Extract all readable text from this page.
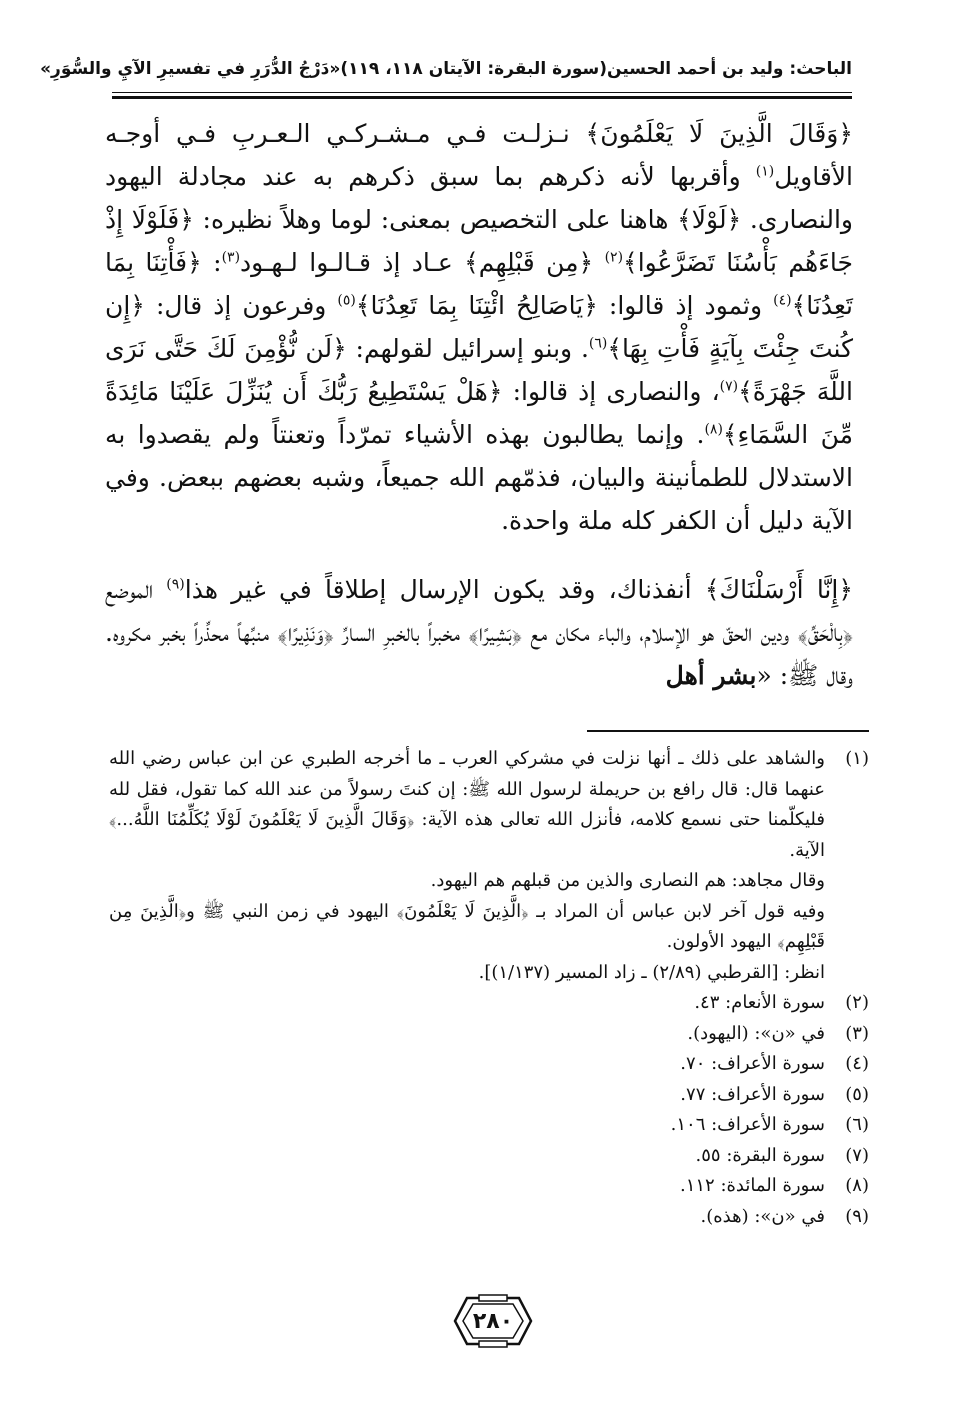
الباحث: وليد بن أحمد الحسين
(سورة البقرة: الآيتان ١١٨، ١١٩)
«دَرْجُ الدُّرَرِ في تفسيرِ الآيِ والسُّوَرِ»

﴿وَقَالَ الَّذِينَ لَا يَعْلَمُونَ﴾ نـزلـت فـي مـشـركـي الـعـربِ فـي أوجـه الأقاويل$^{(١)}$ وأقربها لأنه ذكرهم بما سبق ذكرهم به عند مجادلة اليهود والنصارى. ﴿لَوْلَا﴾ هاهنا على التخصيص بمعنى: لوما وهلاً نظيره: ﴿فَلَوْلَا إِذْ جَاءَهُم بَأْسُنَا تَضَرَّعُوا﴾$^{(٢)}$ ﴿مِن قَبْلِهِم﴾ عـاد إذ قـالـوا لـهـود$^{(٣)}$: ﴿فَأْتِنَا بِمَا تَعِدُنَا﴾$^{(٤)}$ وثمود إذ قالوا: ﴿يَاصَالِحُ ائْتِنَا بِمَا تَعِدُنَا﴾$^{(٥)}$ وفرعون إذ قال: ﴿إِن كُنتَ جِئْتَ بِآيَةٍ فَأْتِ بِهَا﴾$^{(٦)}$. وبنو إسرائيل لقولهم: ﴿لَن نُّؤْمِنَ لَكَ حَتَّى نَرَى اللَّهَ جَهْرَةً﴾$^{(٧)}$، والنصارى إذ قالوا: ﴿هَلْ يَسْتَطِيعُ رَبُّكَ أَن يُنَزِّلَ عَلَيْنَا مَائِدَةً مِّنَ السَّمَاءِ﴾$^{(٨)}$. وإنما يطالبون بهذه الأشياء تمرّداً وتعنتاً ولم يقصدوا به الاستدلال للطمأنينة والبيان، فذمّهم الله جميعاً، وشبه بعضهم ببعض. وفي الآية دليل أن الكفر كله ملة واحدة.

﴿إِنَّا أَرْسَلْنَاكَ﴾ أنفذناك، وقد يكون الإرسال إطلاقاً في غير هذا$^{(٩)}$ الموضع ﴿بِالْحَقِّ﴾ ودين الحقّ هو الإسلام، والباء مكان مع ﴿بَشِيرًا﴾ مخبراً بالخبرِ السارِّ ﴿وَنَذِيرًا﴾ منبِّهاً محذِّراً بخبر مكروه. وقال ﷺ: «بشر أهل

(١)
والشاهد على ذلك ـ أنها نزلت في مشركي العرب ـ ما أخرجه الطبري عن ابن عباس رضي الله عنهما قال: قال رافع بن حريملة لرسول الله ﷺ: إن كنتَ رسولاً من عند الله كما تقول، فقل لله فليكلّمنا حتى نسمع كلامه، فأنزل الله تعالى هذه الآية: ﴿وَقَالَ الَّذِينَ لَا يَعْلَمُونَ لَوْلَا يُكَلِّمُنَا اللَّهُ...﴾ الآية.
وقال مجاهد: هم النصارى والذين من قبلهم هم اليهود.
وفيه قول آخر لابن عباس أن المراد بـ ﴿الَّذِينَ لَا يَعْلَمُونَ﴾ اليهود في زمن النبي ﷺ و﴿الَّذِينَ مِن قَبْلِهِم﴾ اليهود الأولون.
انظر: [القرطبي (٢/٨٩) ـ زاد المسير (١/١٣٧)].
(٢)
سورة الأنعام: ٤٣.
(٣)
في «ن»: (اليهود).
(٤)
سورة الأعراف: ٧٠.
(٥)
سورة الأعراف: ٧٧.
(٦)
سورة الأعراف: ١٠٦.
(٧)
سورة البقرة: ٥٥.
(٨)
سورة المائدة: ١١٢.
(٩)
في «ن»: (هذه).
٢٨٠
